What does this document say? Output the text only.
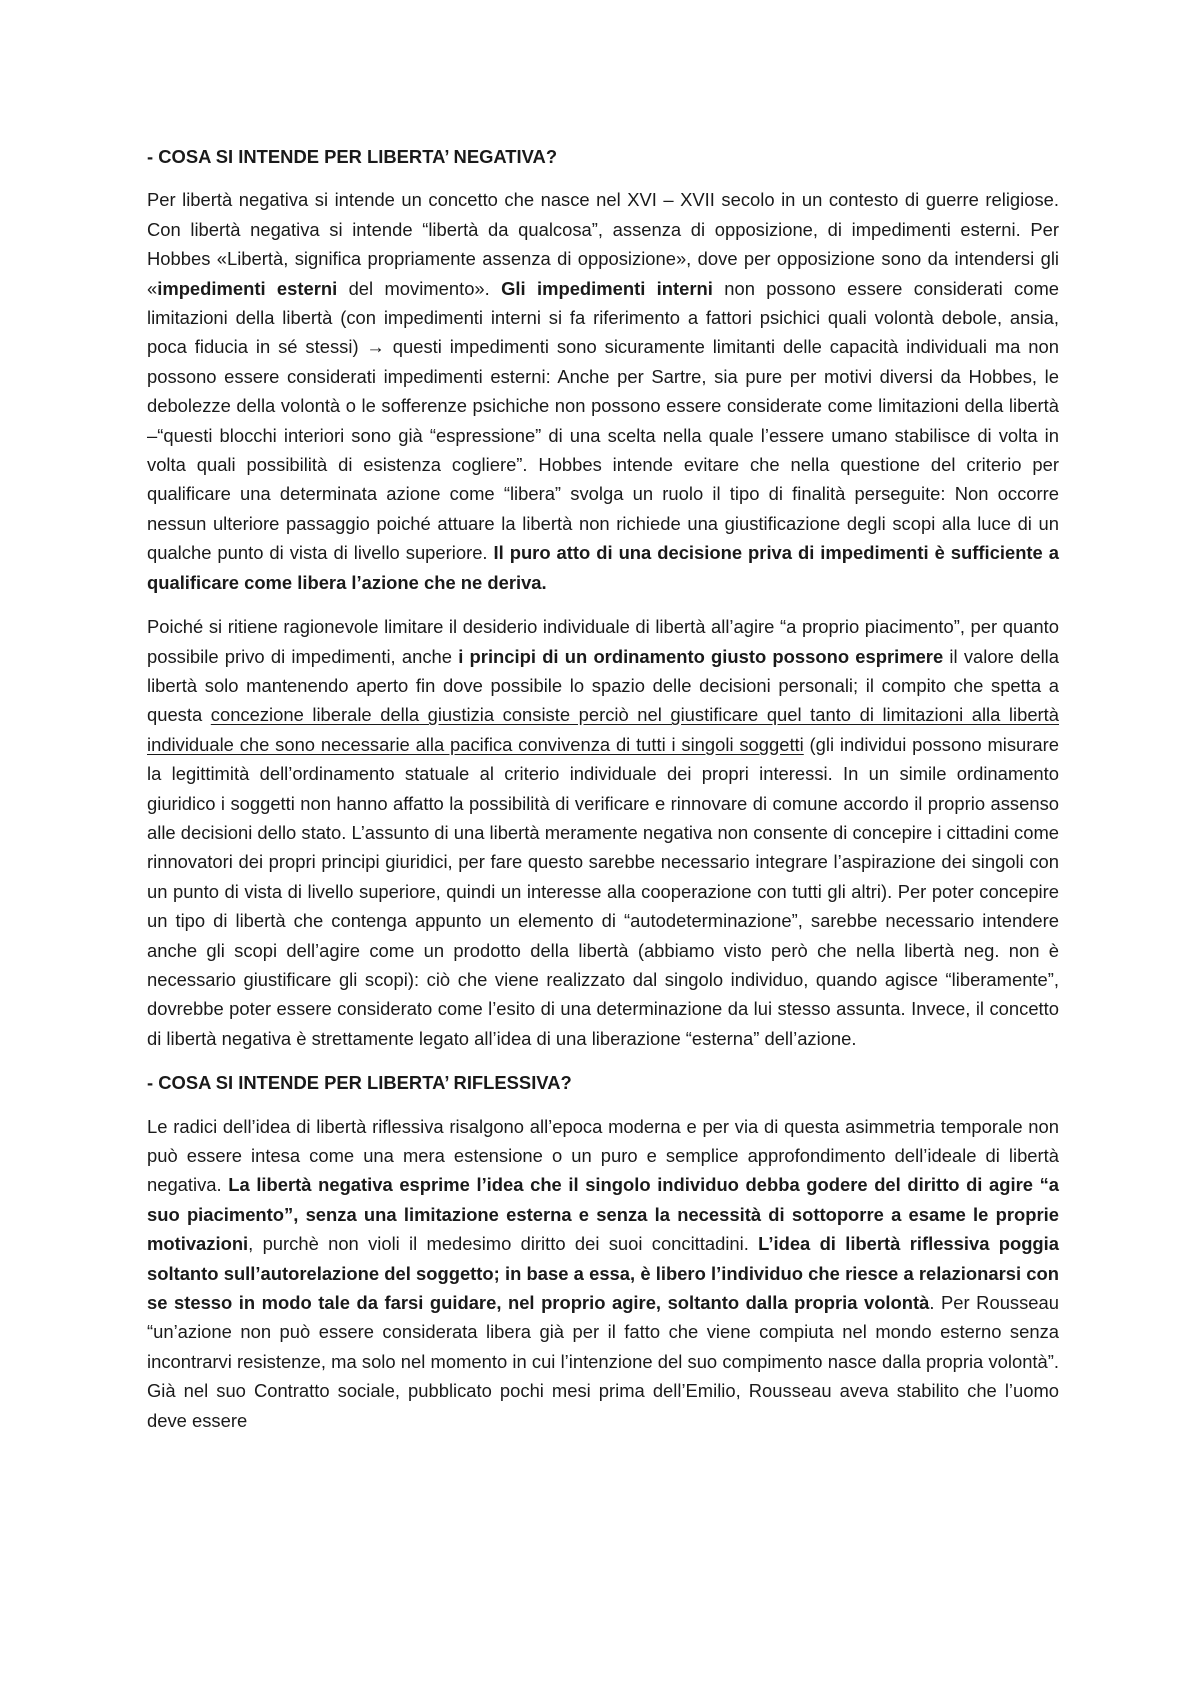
- COSA SI INTENDE PER LIBERTA’ NEGATIVA?

Per libertà negativa si intende un concetto che nasce nel XVI – XVII secolo in un contesto di guerre religiose. Con libertà negativa si intende “libertà da qualcosa”, assenza di opposizione, di impedimenti esterni. Per Hobbes «Libertà, significa propriamente assenza di opposizione», dove per opposizione sono da intendersi gli «impedimenti esterni del movimento». Gli impedimenti interni non possono essere considerati come limitazioni della libertà (con impedimenti interni si fa riferimento a fattori psichici quali volontà debole, ansia, poca fiducia in sé stessi) → questi impedimenti sono sicuramente limitanti delle capacità individuali ma non possono essere considerati impedimenti esterni: Anche per Sartre, sia pure per motivi diversi da Hobbes, le debolezze della volontà o le sofferenze psichiche non possono essere considerate come limitazioni della libertà –“questi blocchi interiori sono già “espressione” di una scelta nella quale l’essere umano stabilisce di volta in volta quali possibilità di esistenza cogliere”. Hobbes intende evitare che nella questione del criterio per qualificare una determinata azione come “libera” svolga un ruolo il tipo di finalità perseguite: Non occorre nessun ulteriore passaggio poiché attuare la libertà non richiede una giustificazione degli scopi alla luce di un qualche punto di vista di livello superiore. Il puro atto di una decisione priva di impedimenti è sufficiente a qualificare come libera l’azione che ne deriva.

Poiché si ritiene ragionevole limitare il desiderio individuale di libertà all’agire “a proprio piacimento”, per quanto possibile privo di impedimenti, anche i principi di un ordinamento giusto possono esprimere il valore della libertà solo mantenendo aperto fin dove possibile lo spazio delle decisioni personali; il compito che spetta a questa concezione liberale della giustizia consiste perciò nel giustificare quel tanto di limitazioni alla libertà individuale che sono necessarie alla pacifica convivenza di tutti i singoli soggetti (gli individui possono misurare la legittimità dell’ordinamento statuale al criterio individuale dei propri interessi. In un simile ordinamento giuridico i soggetti non hanno affatto la possibilità di verificare e rinnovare di comune accordo il proprio assenso alle decisioni dello stato. L’assunto di una libertà meramente negativa non consente di concepire i cittadini come rinnovatori dei propri principi giuridici, per fare questo sarebbe necessario integrare l’aspirazione dei singoli con un punto di vista di livello superiore, quindi un interesse alla cooperazione con tutti gli altri). Per poter concepire un tipo di libertà che contenga appunto un elemento di “autodeterminazione”, sarebbe necessario intendere anche gli scopi dell’agire come un prodotto della libertà (abbiamo visto però che nella libertà neg. non è necessario giustificare gli scopi): ciò che viene realizzato dal singolo individuo, quando agisce “liberamente”, dovrebbe poter essere considerato come l’esito di una determinazione da lui stesso assunta. Invece, il concetto di libertà negativa è strettamente legato all’idea di una liberazione “esterna” dell’azione.

- COSA SI INTENDE PER LIBERTA’ RIFLESSIVA?

Le radici dell’idea di libertà riflessiva risalgono all’epoca moderna e per via di questa asimmetria temporale non può essere intesa come una mera estensione o un puro e semplice approfondimento dell’ideale di libertà negativa. La libertà negativa esprime l’idea che il singolo individuo debba godere del diritto di agire “a suo piacimento”, senza una limitazione esterna e senza la necessità di sottoporre a esame le proprie motivazioni, purchè non violi il medesimo diritto dei suoi concittadini. L’idea di libertà riflessiva poggia soltanto sull’autorelazione del soggetto; in base a essa, è libero l’individuo che riesce a relazionarsi con se stesso in modo tale da farsi guidare, nel proprio agire, soltanto dalla propria volontà. Per Rousseau “un’azione non può essere considerata libera già per il fatto che viene compiuta nel mondo esterno senza incontrarvi resistenze, ma solo nel momento in cui l’intenzione del suo compimento nasce dalla propria volontà”. Già nel suo Contratto sociale, pubblicato pochi mesi prima dell’Emilio, Rousseau aveva stabilito che l’uomo deve essere
